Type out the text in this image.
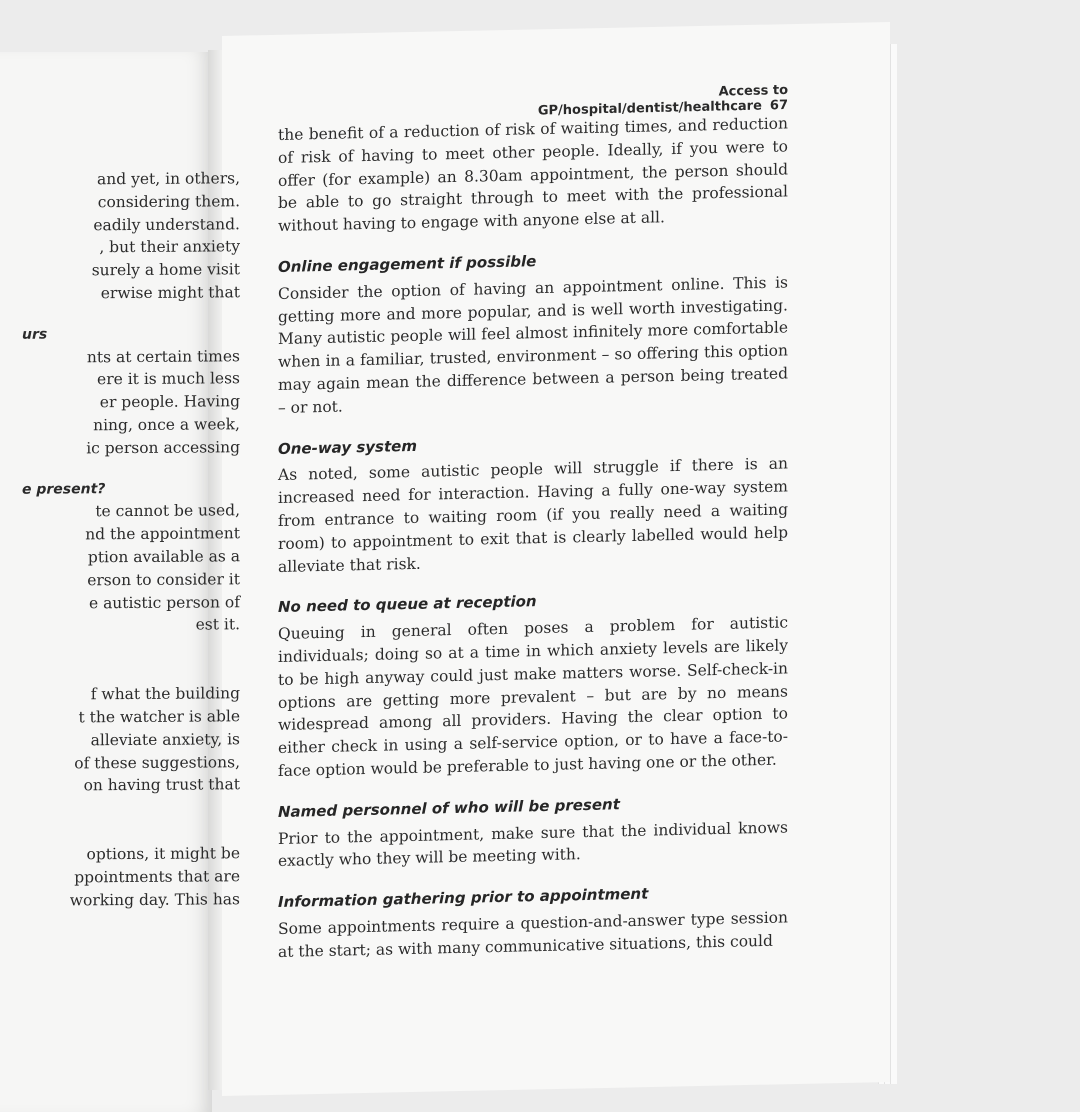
and yet, in others,

considering them.

eadily understand.

, but their anxiety

surely a home visit

erwise might that

urs

nts at certain times

ere it is much less

er people. Having

ning, once a week,

ic person accessing

e present?

te cannot be used,

nd the appointment

ption available as a

erson to consider it

e autistic person of

est it.

f what the building

t the watcher is able

alleviate anxiety, is

of these suggestions,

on having trust that

options, it might be

ppointments that are

working day. This has

Access to GP/hospital/dentist/healthcare 67

the benefit of a reduction of risk of waiting times, and reduction of risk of having to meet other people. Ideally, if you were to offer (for example) an 8.30am appointment, the person should be able to go straight through to meet with the professional without having to engage with anyone else at all.

Online engagement if possible

Consider the option of having an appointment online. This is getting more and more popular, and is well worth investigating. Many autistic people will feel almost infinitely more comfortable when in a familiar, trusted, environment – so offering this option may again mean the difference between a person being treated – or not.

One-way system

As noted, some autistic people will struggle if there is an increased need for interaction. Having a fully one-way system from entrance to waiting room (if you really need a waiting room) to appointment to exit that is clearly labelled would help alleviate that risk.

No need to queue at reception

Queuing in general often poses a problem for autistic individuals; doing so at a time in which anxiety levels are likely to be high anyway could just make matters worse. Self-check-in options are getting more prevalent – but are by no means widespread among all providers. Having the clear option to either check in using a self-service option, or to have a face-to-face option would be preferable to just having one or the other.

Named personnel of who will be present

Prior to the appointment, make sure that the individual knows exactly who they will be meeting with.

Information gathering prior to appointment

Some appointments require a question-and-answer type session at the start; as with many communicative situations, this could
